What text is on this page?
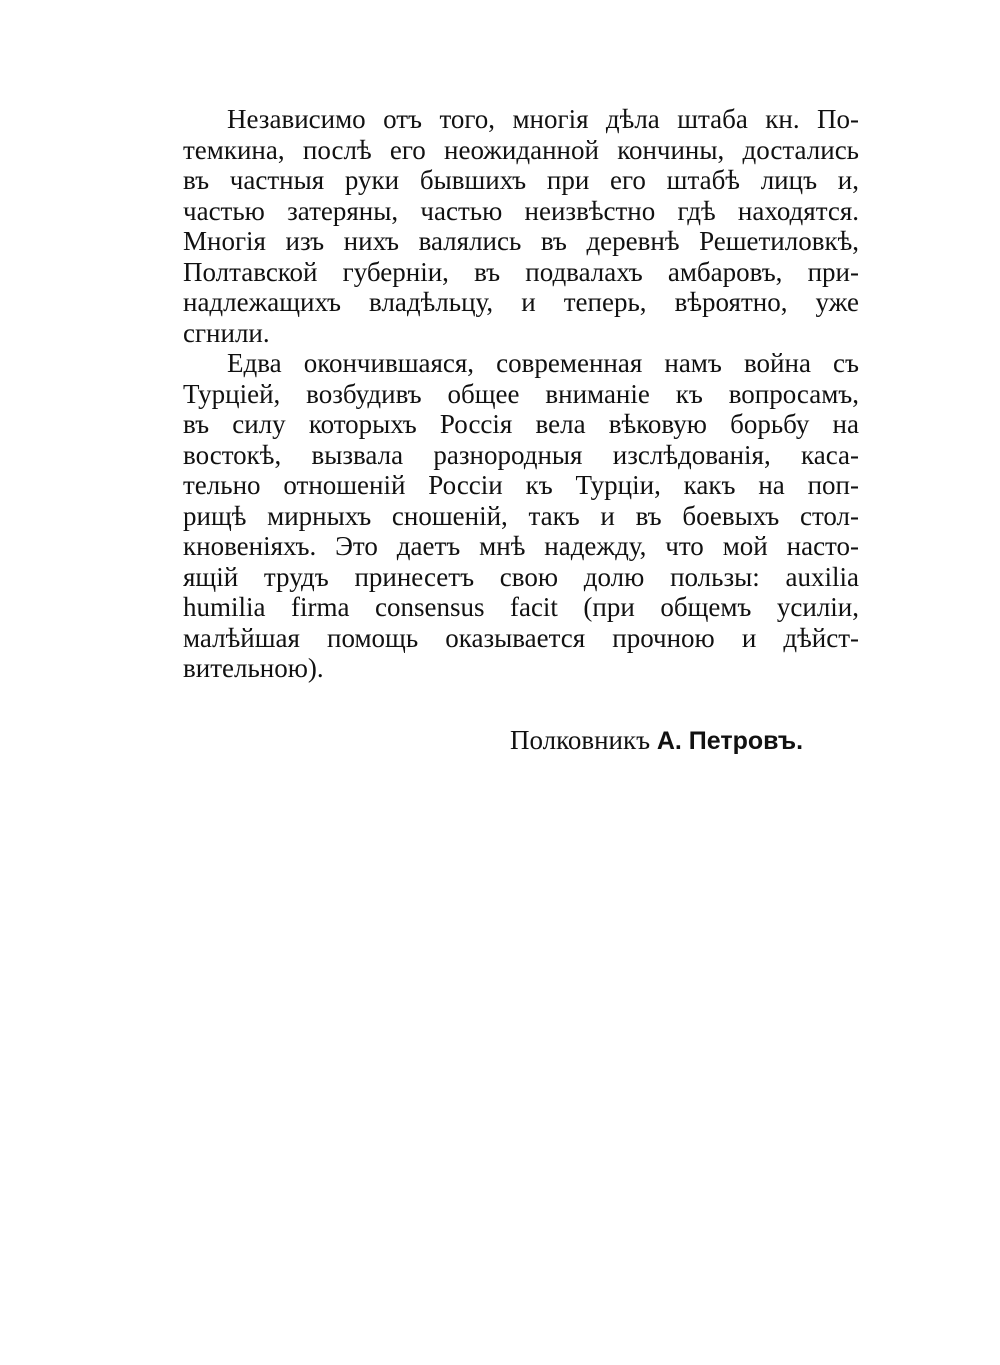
Независимо отъ того, многія дѣла штаба кн. По-
темкина, послѣ его неожиданной кончины, достались
въ частныя руки бывшихъ при его штабѣ лицъ и,
частью затеряны, частью неизвѣстно гдѣ находятся.
Многія изъ нихъ валялись въ деревнѣ Решетиловкѣ,
Полтавской губерніи, въ подвалахъ амбаровъ, при-
надлежащихъ владѣльцу, и теперь, вѣроятно, уже
сгнили.
Едва окончившаяся, современная намъ война съ
Турціей, возбудивъ общее вниманіе къ вопросамъ,
въ силу которыхъ Россія вела вѣковую борьбу на
востокѣ, вызвала разнородныя изслѣдованія, каса-
тельно отношеній Россіи къ Турціи, какъ на поп-
рищѣ мирныхъ сношеній, такъ и въ боевыхъ стол-
кновеніяхъ. Это даетъ мнѣ надежду, что мой насто-
ящій трудъ принесетъ свою долю пользы: auxilia
humilia firma consensus facit (при общемъ усиліи,
малѣйшая помощь оказывается прочною и дѣйст-
вительною).
Полковникъ А. Петровъ.
